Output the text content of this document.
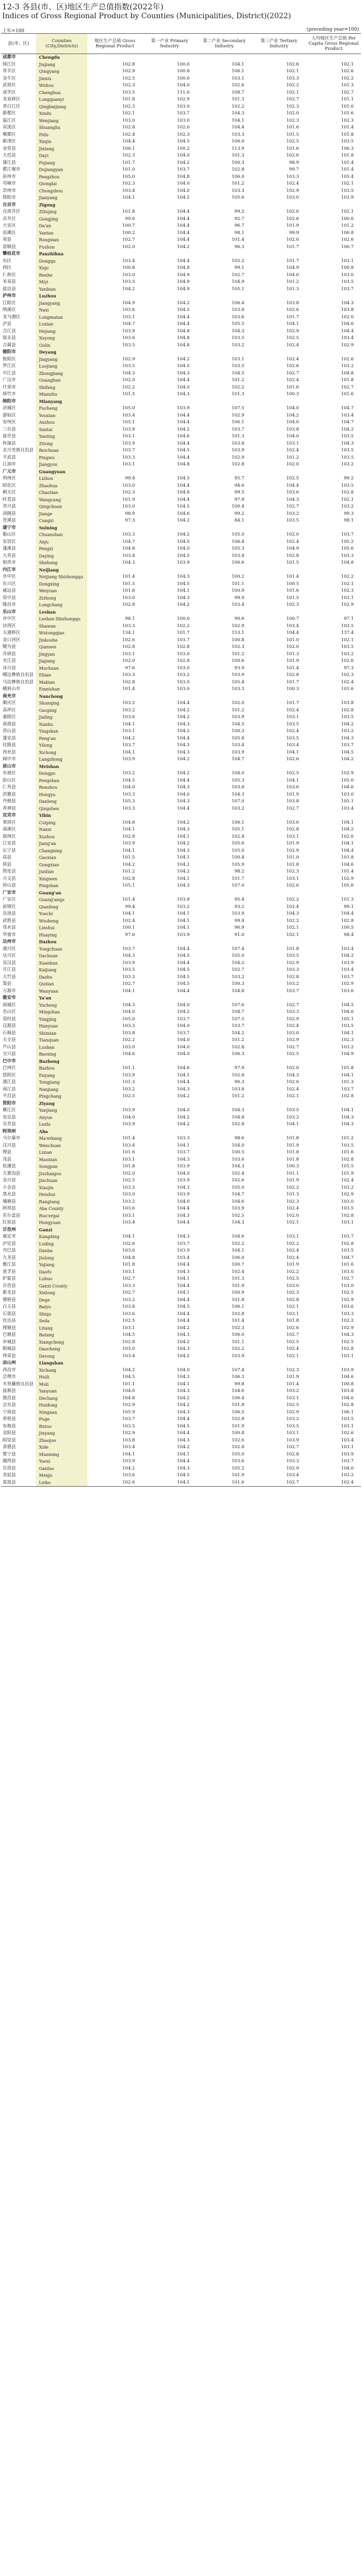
12-3 各县(市、区)地区生产总值指数(2022年)
Indices of Gross Regional Product by Counties (Municipalities, District)(2022)
上年=100	(preceding year=100)
县(市、区)	Counties (City,Districts)	地区生产总值 Gross Regional Product	第一产业 Primary Industry	第二产业 Secondary Industry	第三产业 Tertiary Industry	人均地区生产总值 Per Capita Gross Regional Product
成都市	Chengdu					
锦江区	Jinjiang	102.8	100.6	104.1	102.6	102.1
青羊区	Qingyang	102.9	100.8	106.1	102.1	102.6
金牛区	Jinniu	102.5	100.6	103.1	103.3	102.2
武侯区	Wuhou	102.3	104.0	102.6	102.2	101.3
成华区	Chenghua	103.5	111.6	108.7	102.1	102.7
龙泉驿区	Longquanyi	101.8	102.9	101.3	102.7	101.1
青白江区	Qingbaijiang	102.3	103.0	102.2	102.3	101.6
新都区	Xindu	102.1	103.7	104.3	102.0	101.6
温江区	Wenjiang	103.0	103.0	104.1	102.3	102.3
双流区	Shuangliu	102.8	102.0	104.4	101.6	101.4
郫都区	Pidu	102.4	102.3	103.3	101.5	101.8
新津区	Xinjin	104.4	104.5	106.0	102.5	103.5
金堂县	Jintang	106.1	100.2	113.9	101.6	106.3
大邑县	Dayi	102.3	104.0	101.3	102.6	101.8
蒲江县	Pujiang	101.7	104.2	100.3	98.9	101.4
都江堰市	Dujiangyan	101.0	103.7	102.8	99.7	101.4
彭州市	Pengzhou	105.0	104.8	106.0	103.3	105.4
邛崃市	Qionglai	102.3	104.0	101.2	102.4	102.1
崇州市	Chongzhou	103.4	104.0	103.3	102.9	103.5
简阳市	Jianyang	104.1	104.2	105.6	103.0	103.9
自贡市	Zigong					
自流井区	Ziliujing	101.8	104.4	99.2	102.6	102.1
贡井区	Gongjing	99.6	104.4	92.7	102.6	100.6
大安区	Da'an	100.7	104.4	96.7	101.9	101.2
沿滩区	Yantan	100.2	104.4	98.1	99.9	100.8
荣县	Rongxian	102.7	104.4	101.4	102.0	102.6
富顺县	Fushun	102.0	104.2	96.3	101.7	100.7
攀枝花市	Panzhihua					
东区	Dongqu	103.4	104.4	105.2	101.7	103.1
西区	Xiqu	100.8	104.8	99.1	104.9	100.8
仁和区	Renhe	103.0	104.9	102.7	104.0	103.0
米易县	Miyi	103.5	104.9	104.9	101.2	103.5
盐边县	Yanbian	104.2	104.9	105.1	101.3	103.7
泸州市	Luzhou					
江阳区	Jiangyang	104.9	104.2	106.4	103.8	104.3
纳溪区	Naxi	103.6	104.5	103.8	102.6	103.8
龙马潭区	Longmatan	103.1	104.4	103.6	101.7	102.0
泸县	Luxian	104.7	104.4	105.5	104.1	104.6
合江县	Hejiang	103.9	104.8	104.3	102.9	104.4
叙永县	Xuyong	103.6	104.8	103.5	102.5	103.4
古蔺县	Gulin	103.5	104.8	103.2	102.4	102.9
德阳市	Deyang					
旌阳区	Jingyang	102.9	104.2	103.1	102.4	102.6
罗江区	Luojiang	103.5	104.5	103.5	102.6	103.2
中江县	Zhongjiang	104.3	104.3	104.5	102.7	104.8
广汉市	Guanghan	102.0	104.4	101.2	102.4	101.8
什邡市	Shifang	102.2	104.0	102.2	101.6	102.7
绵竹市	Mianzhu	101.5	104.3	101.3	100.3	101.6
绵阳市	Mianyang					
涪城区	Fucheng	105.0	103.9	107.5	104.0	104.7
游仙区	Youxian	103.4	104.4	102.9	104.2	103.4
安州区	Anzhou	105.1	104.4	106.1	104.0	104.7
三台县	Santai	103.9	104.2	103.7	103.8	104.2
盐亭县	Yanting	103.1	104.6	101.3	104.0	103.5
梓潼县	Zitong	103.9	104.4	103.8	103.1	104.3
北川羌族自治县	Beichuan	103.7	104.5	103.9	102.4	103.5
平武县	Pingwu	103.3	104.4	102.9	101.2	103.5
江油市	Jiangyou	103.1	104.8	102.8	102.0	103.2
广元市	Guangyuan					
利州区	Lizhou	99.4	104.5	95.7	102.5	99.2
昭化区	Zhaohua	103.0	104.4	94.6	104.4	103.5
朝天区	Chaotian	102.3	104.8	99.5	103.6	102.8
旺苍县	Wangcang	101.9	104.4	97.9	104.3	102.1
青川县	Qingchuan	103.0	104.5	100.4	102.7	103.2
剑阁县	Jiange	98.9	104.6	99.2	103.2	99.3
苍溪县	Cangxi	97.3	104.2	84.1	103.5	98.1
遂宁市	Suining					
船山区	Chuanshan	103.3	104.2	105.0	102.0	103.7
安居区	Anju	104.7	104.0	106.4	102.4	105.2
蓬溪县	Pengxi	104.8	104.0	105.3	104.9	105.6
大英县	Daying	103.4	104.5	103.4	102.8	103.3
射洪市	Shehong	104.3	103.9	106.6	101.5	104.8
内江市	Neijiang					
市中区	Neijiang Shizhongqu	101.4	104.3	100.2	101.4	102.2
东兴区	Dongxing	101.5	104.5	101.1	100.5	102.1
威远县	Weiyuan	101.8	104.1	100.9	101.6	102.3
资中县	Zizhong	103.0	104.3	99.9	101.5	103.1
隆昌市	Longchang	102.8	104.2	103.4	102.3	102.9
乐山市	Leshan					
市中区	Leshan Shizhongqu	98.1	100.0	90.6	100.7	97.1
沙湾区	Shawan	103.3	102.2	102.9	103.4	103.5
五通桥区	Wutongqiao	134.1	101.7	153.1	104.4	137.4
金口河区	Jinkouhe	102.6	103.7	100.8	101.0	102.1
犍为县	Qianwei	102.8	102.8	102.3	102.0	103.5
井研县	Jingyan	103.1	103.0	101.2	101.3	103.2
夹江县	Jiajiang	102.0	102.8	100.6	101.9	102.6
沐川县	Muchuan	97.6	103.0	93.9	101.4	97.3
峨边彝族自治县	Ebian	103.3	103.2	103.9	102.8	102.3
马边彝族自治县	Mabian	102.8	103.0	105.4	101.7	102.4
峨眉山市	Emeishan	101.4	103.0	103.3	100.3	101.6
南充市	Nanchong					
顺庆区	Shunqing	103.2	104.4	102.0	101.7	103.8
高坪区	Gaoping	103.2	104.2	101.2	102.4	102.8
嘉陵区	Jialing	103.6	104.2	103.9	103.1	103.5
南部县	Nanbu	104.1	104.3	104.5	103.5	104.2
营山县	Yingshan	103.1	104.2	100.3	102.4	103.2
蓬安县	Peng'an	104.2	104.4	105.8	103.5	104.3
仪陇县	Yilong	103.7	104.3	103.4	103.4	103.7
西充县	Xichong	104.1	104.3	103.9	104.1	104.5
阆中市	Langzhong	103.9	104.2	104.7	102.6	104.2
眉山市	Meishan					
东坡区	Dongpo	103.2	104.2	104.0	102.5	102.9
彭山区	Pengshan	104.5	104.4	105.3	104.1	105.0
仁寿县	Renshou	104.0	104.3	103.8	103.6	104.6
洪雅县	Hongya	103.3	104.0	104.3	101.9	103.0
丹棱县	Danleng	105.3	104.3	107.0	103.8	105.1
青神县	Qingshen	103.3	104.4	103.2	102.7	103.4
宜宾市	Yibin					
翠屏区	Cuiping	104.8	104.2	106.1	103.6	104.1
南溪区	Nanxi	104.1	104.3	105.1	102.8	104.2
叙州区	Xuzhou	102.8	104.1	102.4	103.1	102.6
江安县	Jiang'an	103.9	104.2	105.6	101.9	104.1
长宁县	Changning	104.1	104.3	105.0	102.9	104.4
高县	Gaoxian	101.5	104.1	100.4	101.0	101.8
珙县	Gongxian	104.2	104.2	105.9	101.8	104.6
筠连县	Junlian	101.2	104.2	98.2	102.3	101.4
兴文县	Xingwen	102.8	104.1	101.7	103.1	102.9
屏山县	Pingshan	105.1	104.3	107.0	102.6	105.6
广安市	Guang'an					
广安区	Guang'anqu	101.4	103.8	95.4	102.2	101.3
前锋区	Qianfeng	99.4	103.2	93.2	102.4	99.1
岳池县	Yuechi	104.1	104.1	103.9	104.3	104.4
武胜县	Wusheng	102.4	104.1	99.9	102.2	102.8
邻水县	Linshui	100.1	104.1	96.9	102.1	100.5
华蓥市	Huaying	97.6	103.9	91.0	102.1	98.4
达州市	Dazhou					
通川区	Tongchuan	103.7	104.4	107.4	101.8	103.4
达川区	Dachuan	104.3	104.5	105.0	103.5	104.2
宣汉县	Xuanhan	103.9	104.4	104.2	102.9	103.9
开江县	Kaijiang	103.5	104.5	102.7	103.3	103.4
大竹县	Dazhu	103.3	104.5	103.2	102.8	103.7
渠县	Quxian	102.7	104.5	100.3	103.2	102.9
万源市	Wanyuan	104.1	104.4	104.8	103.7	103.6
雅安市	Ya'an					
雨城区	Yucheng	104.3	104.0	107.6	102.7	104.5
名山区	Mingshan	104.0	104.2	104.7	103.3	104.6
荥经县	Yingjing	105.0	103.7	107.5	102.9	105.1
汉源县	Hanyuan	103.3	104.0	103.7	102.4	103.5
石棉县	Shimian	103.8	103.7	104.2	103.0	104.1
天全县	Tianquan	102.2	104.0	101.2	102.9	102.3
芦山县	Lushan	103.0	104.0	102.8	102.7	103.2
宝兴县	Baoxing	104.6	104.0	106.3	102.5	104.9
巴中市	Bazhong					
巴州区	Bazhou	101.1	104.6	97.9	102.0	101.8
恩阳区	Enyang	103.9	104.1	102.8	104.3	104.1
通江县	Tongjiang	101.3	104.4	96.3	102.6	101.3
南江县	Nanjiang	103.2	104.3	103.8	102.4	103.7
平昌县	Pingchang	102.5	104.2	101.2	102.1	102.8
资阳市	Ziyang					
雁江区	Yanjiang	103.9	104.0	104.3	103.5	104.1
安岳县	Anyue	104.0	104.2	104.8	103.2	104.3
乐至县	Lezhi	103.9	104.2	102.8	104.1	104.3
阿坝州	Aba					
马尔康市	Ma'erkang	101.4	103.3	98.6	101.8	101.2
汶川县	Wenchuan	103.4	104.1	104.0	101.9	103.5
理县	Lixian	101.6	103.7	100.5	101.8	101.6
茂县	Maoxian	103.1	104.3	103.6	101.8	102.8
松潘县	Songpan	101.8	103.9	104.3	100.3	101.5
九寨沟县	Jiuzhaigou	102.0	104.0	102.4	101.1	101.9
金川县	Jinchuan	102.5	103.9	102.6	101.9	102.4
小金县	Xiaojin	103.5	104.3	105.0	102.2	103.2
黑水县	Heishui	103.0	103.9	104.7	101.3	102.9
壤塘县	Rangtang	103.2	104.0	104.6	102.3	103.0
阿坝县	Aba County	103.6	104.4	103.9	102.4	103.5
若尔盖县	Ruo'ergai	103.1	104.3	102.5	102.0	102.8
红原县	Hongyuan	103.4	104.4	104.3	102.1	103.1
甘孜州	Ganzi					
康定市	Kangding	104.1	104.3	104.6	103.1	103.7
泸定县	Luding	102.6	103.7	102.2	102.2	102.8
丹巴县	Danba	103.6	103.9	104.1	102.4	103.5
九龙县	Jiulong	104.8	103.4	106.0	102.4	104.7
雅江县	Yajiang	101.8	104.4	100.7	101.9	101.6
道孚县	Daofu	103.1	104.3	102.4	102.2	103.0
炉霍县	Luhuo	102.7	104.1	101.3	102.5	102.7
甘孜县	Ganzi County	103.3	104.4	101.9	103.0	103.0
新龙县	Xinlong	102.7	104.1	100.9	102.3	102.5
德格县	Dege	103.2	104.4	101.8	102.8	102.9
白玉县	Baiyu	103.8	104.5	106.1	102.1	103.6
石渠县	Shiqu	103.6	104.4	102.8	103.1	103.3
色达县	Seda	102.5	104.4	101.4	101.8	102.2
理塘县	Litang	103.1	104.2	102.3	102.6	102.9
巴塘县	Batang	104.5	104.3	106.0	102.7	104.3
乡城县	Xiangcheng	102.8	104.2	101.1	102.5	102.5
稻城县	Daocheng	103.0	104.3	102.2	102.4	102.8
得荣县	Derong	103.4	104.2	103.9	102.1	103.1
凉山州	Liangshan					
西昌市	Xichang	104.2	104.0	107.4	102.3	103.9
会理市	Huili	104.5	104.3	106.3	101.9	104.6
木里藏族自治县	Muli	101.1	104.1	99.8	101.4	100.8
盐源县	Yanyuan	104.0	104.3	104.6	103.2	103.8
德昌县	Dechang	104.8	104.2	106.4	103.1	104.6
会东县	Huidong	102.9	104.2	101.8	102.5	102.8
宁南县	Ningnan	105.9	104.3	106.5	102.9	106.1
普格县	Puge	103.7	104.4	102.8	103.2	103.5
布拖县	Butuo	103.5	104.5	101.9	103.5	103.1
金阳县	Jinyang	102.9	104.4	100.4	103.1	102.6
昭觉县	Zhaojue	103.8	104.3	102.6	103.9	103.4
喜德县	Xide	103.4	104.2	102.8	102.7	103.1
冕宁县	Mianning	104.1	104.1	105.0	102.8	103.9
越西县	Yuexi	103.9	104.4	103.6	103.3	103.7
甘洛县	Ganluo	104.2	104.3	105.2	102.9	104.0
美姑县	Meigu	103.6	104.5	101.9	103.4	103.2
雷波县	Leibo	102.6	104.1	101.6	102.7	102.4
